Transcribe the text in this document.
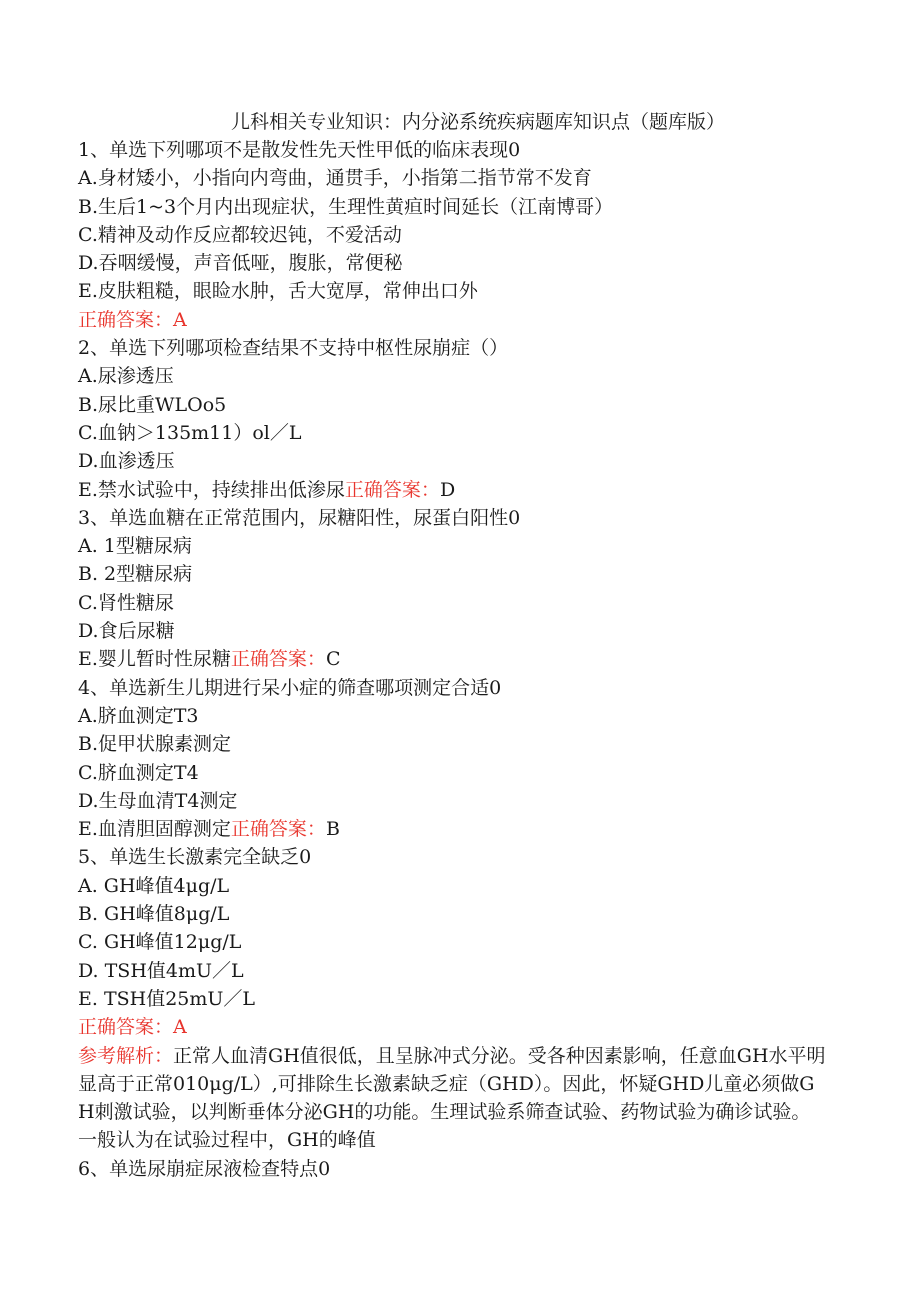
儿科相关专业知识：内分泌系统疾病题库知识点（题库版）
1、单选下列哪项不是散发性先天性甲低的临床表现0
A.身材矮小，小指向内弯曲，通贯手，小指第二指节常不发育
B.生后1~3个月内出现症状，生理性黄疸时间延长（江南博哥）
C.精神及动作反应都较迟钝，不爱活动
D.吞咽缓慢，声音低哑，腹胀，常便秘
E.皮肤粗糙，眼睑水肿，舌大宽厚，常伸出口外
正确答案：A
2、单选下列哪项检查结果不支持中枢性尿崩症（）
A.尿渗透压
B.尿比重WLOo5
C.血钠＞135m11）ol／L
D.血渗透压
E.禁水试验中，持续排出低渗尿正确答案：D
3、单选血糖在正常范围内，尿糖阳性，尿蛋白阳性0
A. 1型糖尿病
B. 2型糖尿病
C.肾性糖尿
D.食后尿糖
E.婴儿暂时性尿糖正确答案：C
4、单选新生儿期进行呆小症的筛查哪项测定合适0
A.脐血测定T3
B.促甲状腺素测定
C.脐血测定T4
D.生母血清T4测定
E.血清胆固醇测定正确答案：B
5、单选生长激素完全缺乏0
A. GH峰值4μg/L
B. GH峰值8μg/L
C. GH峰值12μg/L
D. TSH值4mU／L
E. TSH值25mU／L
正确答案：A
参考解析：正常人血清GH值很低，且呈脉冲式分泌。受各种因素影响，任意血GH水平明显高于正常010μg/L）,可排除生长激素缺乏症（GHD）。因此，怀疑GHD儿童必须做GH刺激试验，以判断垂体分泌GH的功能。生理试验系筛查试验、药物试验为确诊试验。一般认为在试验过程中，GH的峰值
6、单选尿崩症尿液检查特点0
